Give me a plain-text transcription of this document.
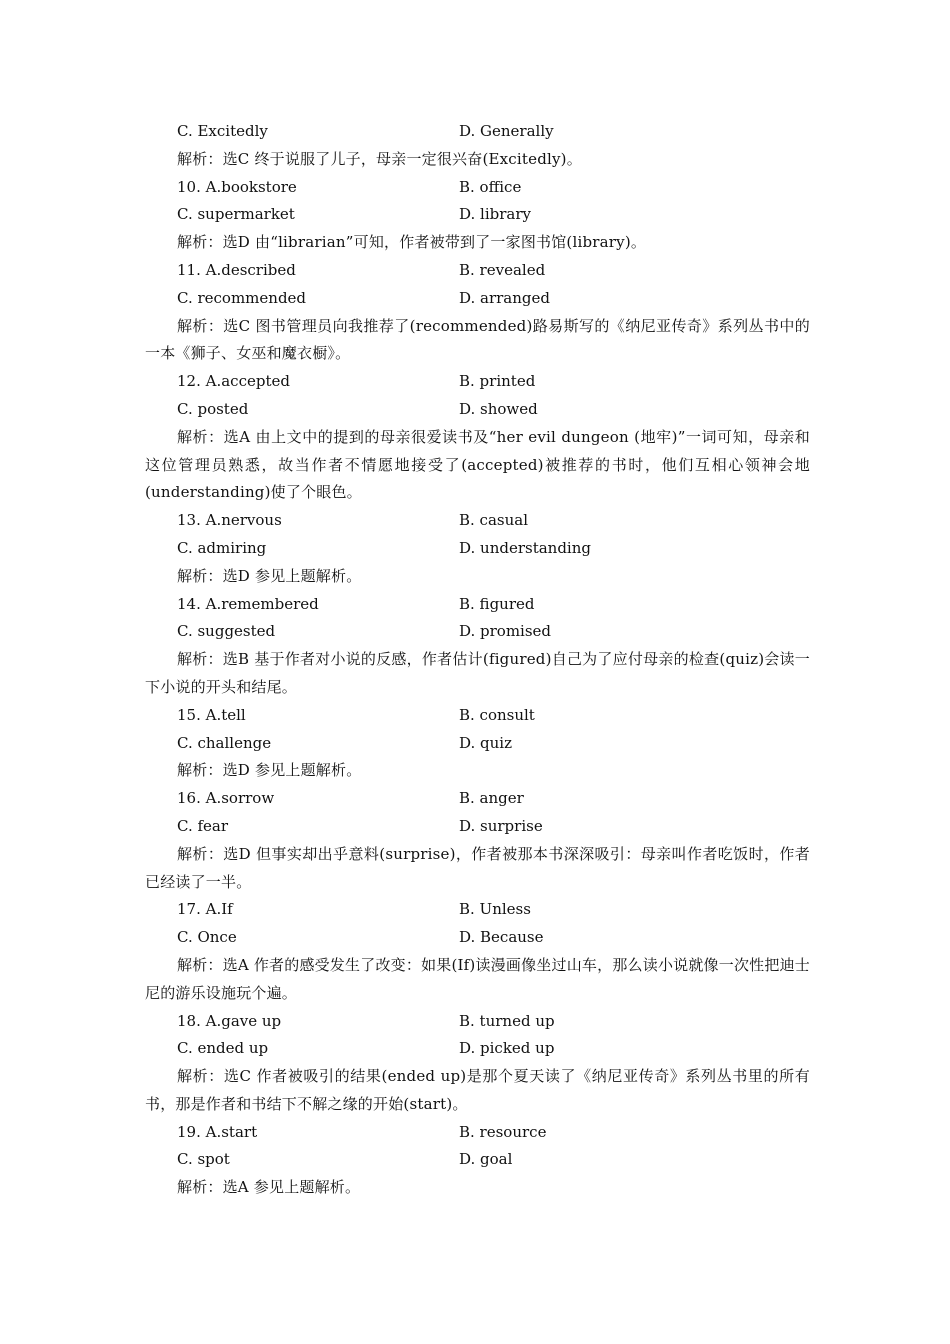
C. Excitedly	D. Generally
解析：选C 终于说服了儿子，母亲一定很兴奋(Excitedly)。
10. A.bookstore	B. office
C. supermarket	D. library
解析：选D 由“librarian”可知，作者被带到了一家图书馆(library)。
11. A.described	B. revealed
C. recommended	D. arranged
解析：选C 图书管理员向我推荐了(recommended)路易斯写的《纳尼亚传奇》系列丛书中的一本《狮子、女巫和魔衣橱》。
12. A.accepted	B. printed
C. posted	D. showed
解析：选A 由上文中的提到的母亲很爱读书及“her evil dungeon (地牢)”一词可知，母亲和这位管理员熟悉，故当作者不情愿地接受了(accepted)被推荐的书时，他们互相心领神会地(understanding)使了个眼色。
13. A.nervous	B. casual
C. admiring	D. understanding
解析：选D 参见上题解析。
14. A.remembered	B. figured
C. suggested	D. promised
解析：选B 基于作者对小说的反感，作者估计(figured)自己为了应付母亲的检查(quiz)会读一下小说的开头和结尾。
15. A.tell	B. consult
C. challenge	D. quiz
解析：选D 参见上题解析。
16. A.sorrow	B. anger
C. fear	D. surprise
解析：选D 但事实却出乎意料(surprise)，作者被那本书深深吸引：母亲叫作者吃饭时，作者已经读了一半。
17. A.If	B. Unless
C. Once	D. Because
解析：选A 作者的感受发生了改变：如果(If)读漫画像坐过山车，那么读小说就像一次性把迪士尼的游乐设施玩个遍。
18. A.gave up	B. turned up
C. ended up	D. picked up
解析：选C 作者被吸引的结果(ended up)是那个夏天读了《纳尼亚传奇》系列丛书里的所有书，那是作者和书结下不解之缘的开始(start)。
19. A.start	B. resource
C. spot	D. goal
解析：选A 参见上题解析。
